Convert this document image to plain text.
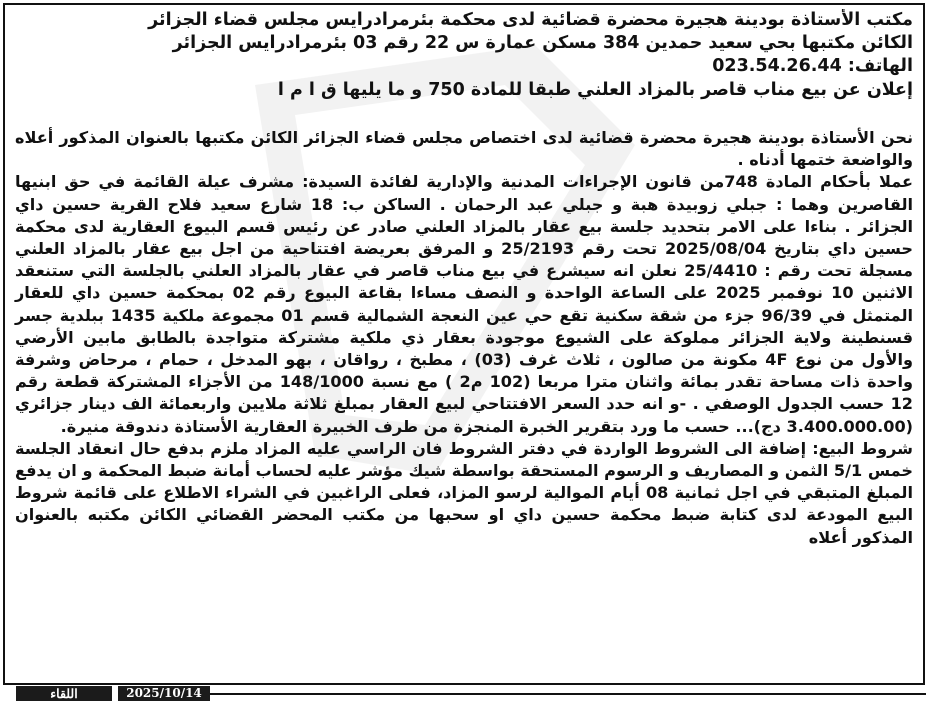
مكتب الأستاذة بودينة هجيرة محضرة قضائية لدى محكمة بئرمرادرايس مجلس قضاء الجزائر

الكائن مكتبها بحي سعيد حمدين 384 مسكن عمارة س 22 رقم 03 بئرمرادرايس الجزائر

الهاتف: 023.54.26.44

إعلان عن بيع مناب قاصر بالمزاد العلني طبقا للمادة 750 و ما يليها ق ا م ا

نحن الأستاذة بودينة هجيرة محضرة قضائية لدى اختصاص مجلس قضاء الجزائر الكائن مكتبها بالعنوان المذكور أعلاه والواضعة ختمها أدناه .

عملا بأحكام المادة 748من قانون الإجراءات المدنية والإدارية لفائدة السيدة: مشرف عيلة القائمة في حق ابنيها القاصرين وهما : جبلي زوبيدة هبة و جبلي عبد الرحمان . الساكن ب: 18 شارع سعيد فلاح القرية حسين داي الجزائر . بناءا على الامر بتحديد جلسة بيع عقار بالمزاد العلني صادر عن رئيس قسم البيوع العقارية لدى محكمة حسين داي بتاريخ 2025/08/04 تحت رقم 25/2193 و المرفق بعريضة افتتاحية من اجل بيع عقار بالمزاد العلني مسجلة تحت رقم : 25/4410 نعلن انه سيشرع في بيع مناب قاصر في عقار بالمزاد العلني بالجلسة التي ستنعقد الاثنين 10 نوفمبر 2025 على الساعة الواحدة و النصف مساءا بقاعة البيوع رقم 02 بمحكمة حسين داي للعقار المتمثل في 96/39 جزء من شقة سكنية تقع حي عين النعجة الشمالية قسم 01 مجموعة ملكية 1435 ببلدية جسر قسنطينة ولاية الجزائر مملوكة على الشيوع موجودة بعقار ذي ملكية مشتركة متواجدة بالطابق مابين الأرضي والأول من نوع 4F مكونة من صالون ، ثلاث غرف (03) ، مطبخ ، رواقان ، بهو المدخل ، حمام ، مرحاض وشرفة واحدة ذات مساحة تقدر بمائة واثنان مترا مربعا (102 م2 ) مع نسبة 148/1000 من الأجزاء المشتركة قطعة رقم 12 حسب الجدول الوصفي . -و انه حدد السعر الافتتاحي لبيع العقار بمبلغ ثلاثة ملايين واربعمائة الف دينار جزائري (3.400.000.00 دج)... حسب ما ورد بتقرير الخبرة المنجزة من طرف الخبيرة العقارية الأستاذة دندوقة منيرة.

شروط البيع: إضافة الى الشروط الواردة في دفتر الشروط فان الراسي عليه المزاد ملزم بدفع حال انعقاد الجلسة خمس 5/1 الثمن و المصاريف و الرسوم المستحقة بواسطة شيك مؤشر عليه لحساب أمانة ضبط المحكمة و ان يدفع المبلغ المتبقي في اجل ثمانية 08 أيام الموالية لرسو المزاد، فعلى الراغبين في الشراء الاطلاع على قائمة شروط البيع المودعة لدى كتابة ضبط محكمة حسين داي او سحبها من مكتب المحضر القضائي الكائن مكتبه بالعنوان المذكور أعلاه

اللقاء	2025/10/14
